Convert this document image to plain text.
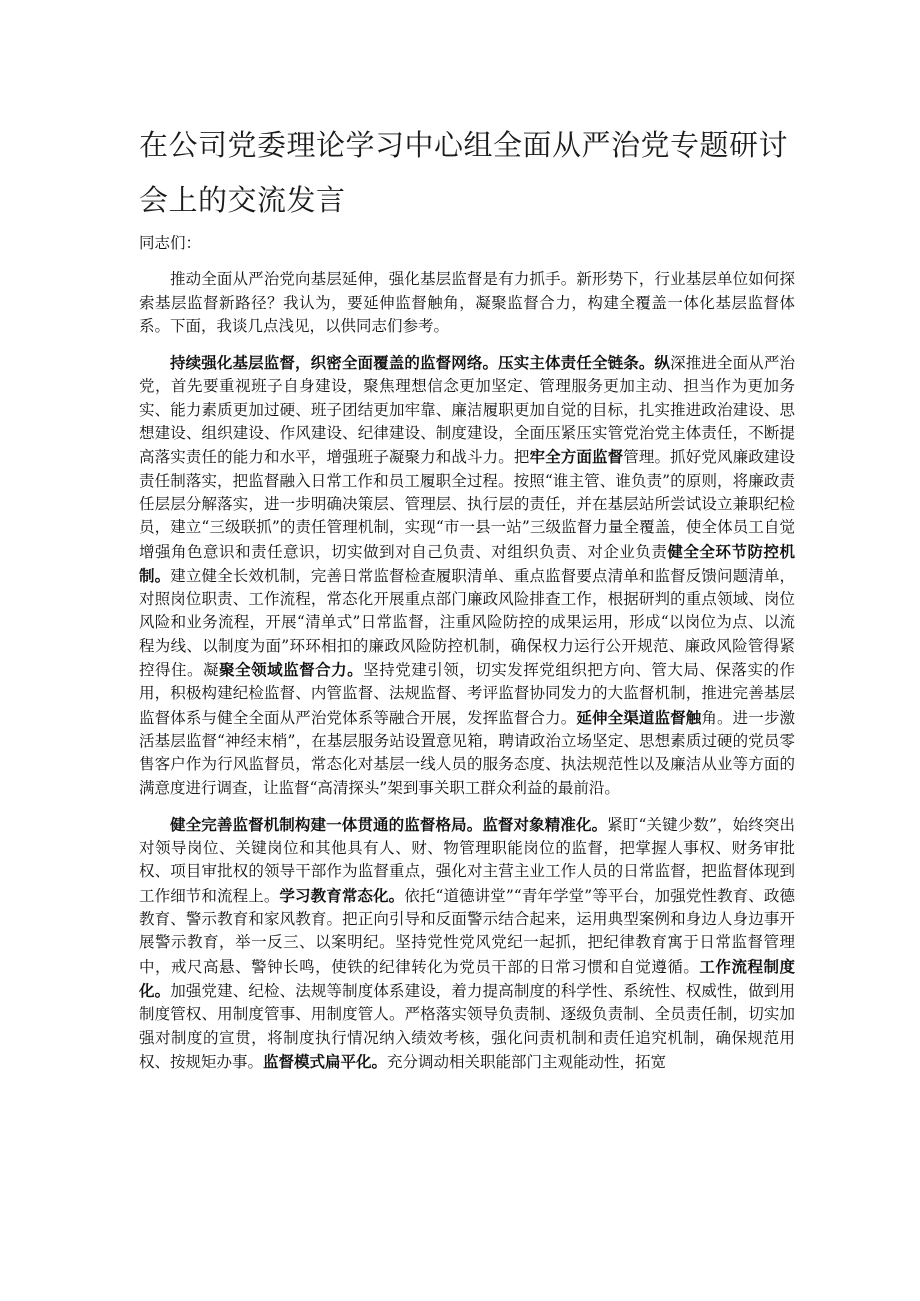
在公司党委理论学习中心组全面从严治党专题研讨会上的交流发言

同志们：

推动全面从严治党向基层延伸，强化基层监督是有力抓手。新形势下，行业基层单位如何探索基层监督新路径？我认为，要延伸监督触角，凝聚监督合力，构建全覆盖一体化基层监督体系。下面，我谈几点浅见，以供同志们参考。

持续强化基层监督，织密全面覆盖的监督网络。压实主体责任全链条。纵深推进全面从严治党，首先要重视班子自身建设，聚焦理想信念更加坚定、管理服务更加主动、担当作为更加务实、能力素质更加过硬、班子团结更加牢靠、廉洁履职更加自觉的目标，扎实推进政治建设、思想建设、组织建设、作风建设、纪律建设、制度建设，全面压紧压实管党治党主体责任，不断提高落实责任的能力和水平，增强班子凝聚力和战斗力。把牢全方面监督管理。抓好党风廉政建设责任制落实，把监督融入日常工作和员工履职全过程。按照“谁主管、谁负责”的原则，将廉政责任层层分解落实，进一步明确决策层、管理层、执行层的责任，并在基层站所尝试设立兼职纪检员，建立“三级联抓”的责任管理机制，实现“市一县一站”三级监督力量全覆盖，使全体员工自觉增强角色意识和责任意识，切实做到对自己负责、对组织负责、对企业负责健全全环节防控机制。建立健全长效机制，完善日常监督检查履职清单、重点监督要点清单和监督反馈问题清单，对照岗位职责、工作流程，常态化开展重点部门廉政风险排查工作，根据研判的重点领域、岗位风险和业务流程，开展“清单式”日常监督，注重风险防控的成果运用，形成“以岗位为点、以流程为线、以制度为面”环环相扣的廉政风险防控机制，确保权力运行公开规范、廉政风险管得紧控得住。凝聚全领域监督合力。坚持党建引领，切实发挥党组织把方向、管大局、保落实的作用，积极构建纪检监督、内管监督、法规监督、考评监督协同发力的大监督机制，推进完善基层监督体系与健全全面从严治党体系等融合开展，发挥监督合力。延伸全渠道监督触角。进一步激活基层监督“神经末梢”，在基层服务站设置意见箱，聘请政治立场坚定、思想素质过硬的党员零售客户作为行风监督员，常态化对基层一线人员的服务态度、执法规范性以及廉洁从业等方面的满意度进行调查，让监督“高清探头”架到事关职工群众利益的最前沿。

健全完善监督机制构建一体贯通的监督格局。监督对象精准化。紧盯“关键少数”，始终突出对领导岗位、关键岗位和其他具有人、财、物管理职能岗位的监督，把掌握人事权、财务审批权、项目审批权的领导干部作为监督重点，强化对主营主业工作人员的日常监督，把监督体现到工作细节和流程上。学习教育常态化。依托“道德讲堂”“青年学堂”等平台，加强党性教育、政德教育、警示教育和家风教育。把正向引导和反面警示结合起来，运用典型案例和身边人身边事开展警示教育，举一反三、以案明纪。坚持党性党风党纪一起抓，把纪律教育寓于日常监督管理中，戒尺高悬、警钟长鸣，使铁的纪律转化为党员干部的日常习惯和自觉遵循。工作流程制度化。加强党建、纪检、法规等制度体系建设，着力提高制度的科学性、系统性、权威性，做到用制度管权、用制度管事、用制度管人。严格落实领导负责制、逐级负责制、全员责任制，切实加强对制度的宣贯，将制度执行情况纳入绩效考核，强化问责机制和责任追究机制，确保规范用权、按规矩办事。监督模式扁平化。充分调动相关职能部门主观能动性，拓宽
